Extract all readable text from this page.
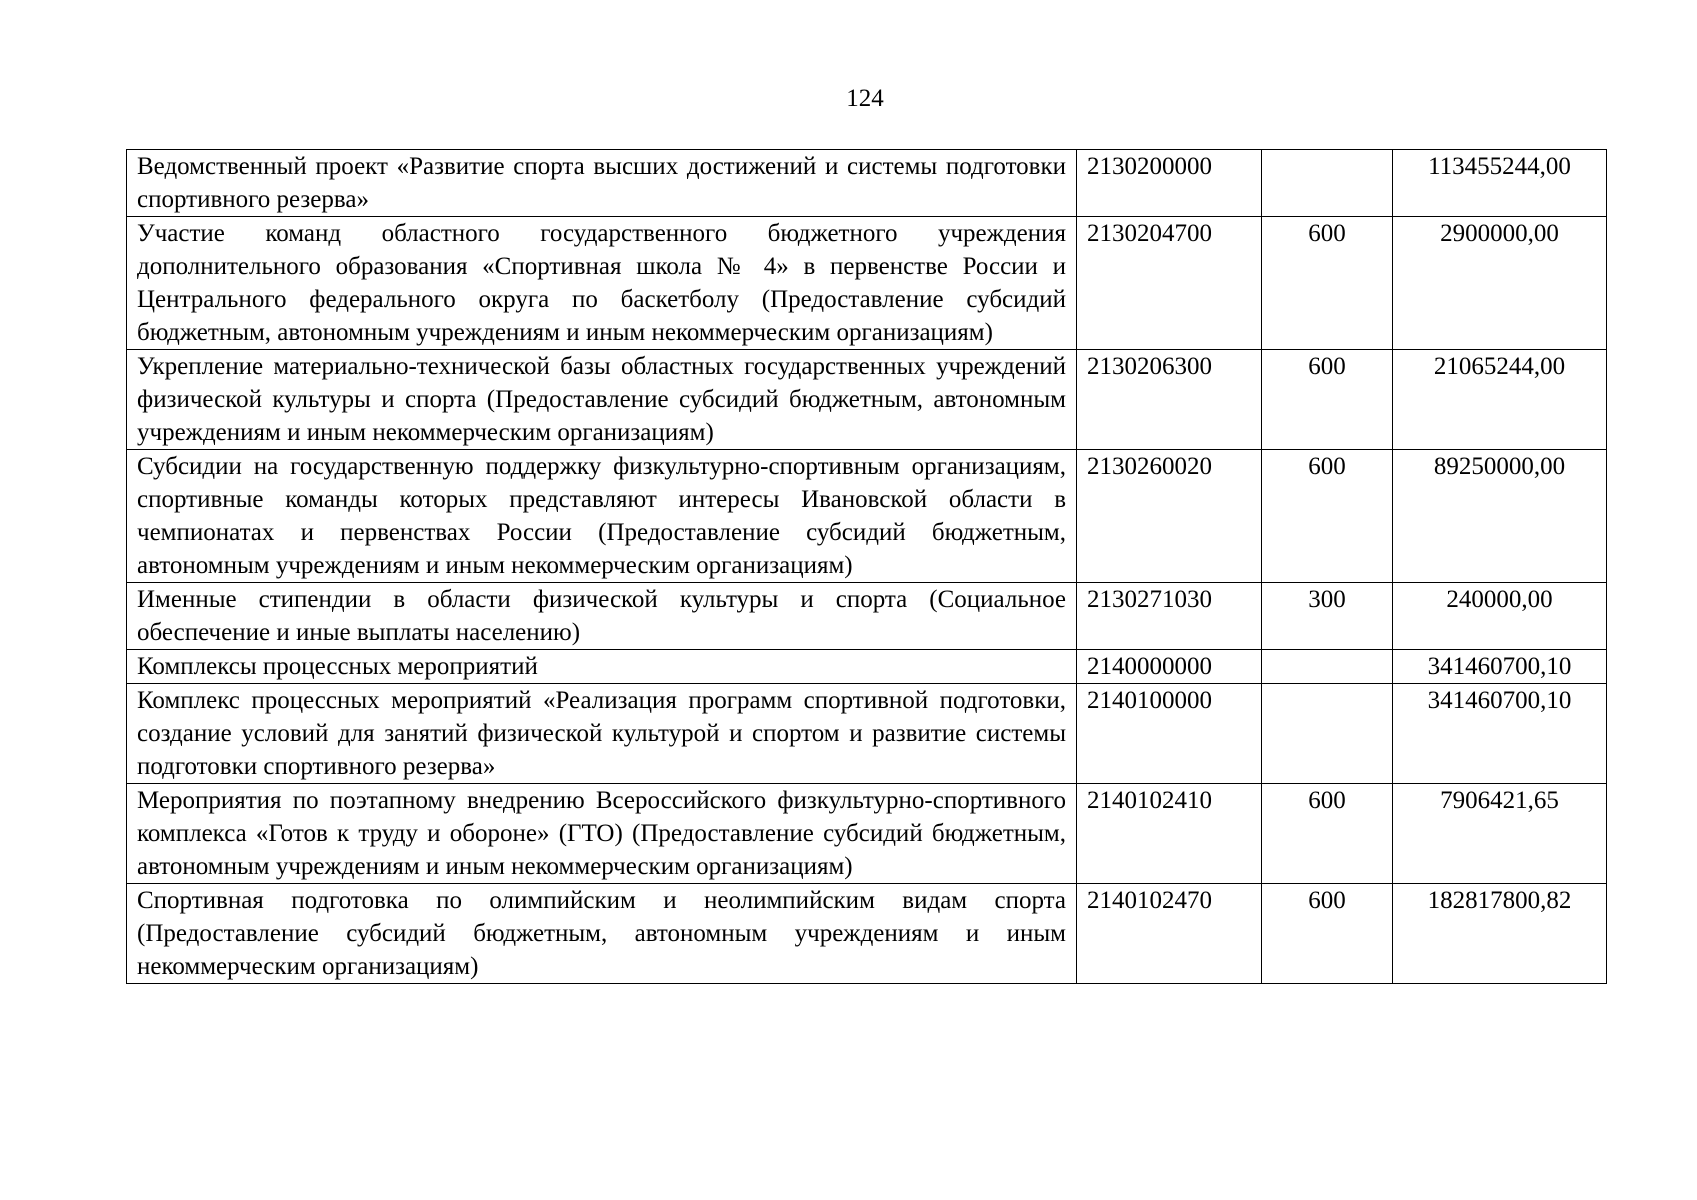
124
Ведомственный проект «Развитие спорта высших достижений и системы подготовки спортивного резерва»	2130200000		113455244,00
Участие команд областного государственного бюджетного учреждения дополнительного образования «Спортивная школа № 4» в первенстве России и Центрального федерального округа по баскетболу (Предоставление субсидий бюджетным, автономным учреждениям и иным некоммерческим организациям)	2130204700	600	2900000,00
Укрепление материально-технической базы областных государственных учреждений физической культуры и спорта (Предоставление субсидий бюджетным, автономным учреждениям и иным некоммерческим организациям)	2130206300	600	21065244,00
Субсидии на государственную поддержку физкультурно-спортивным организациям, спортивные команды которых представляют интересы Ивановской области в чемпионатах и первенствах России (Предоставление субсидий бюджетным, автономным учреждениям и иным некоммерческим организациям)	2130260020	600	89250000,00
Именные стипендии в области физической культуры и спорта (Социальное обеспечение и иные выплаты населению)	2130271030	300	240000,00
Комплексы процессных мероприятий	2140000000		341460700,10
Комплекс процессных мероприятий «Реализация программ спортивной подготовки, создание условий для занятий физической культурой и спортом и развитие системы подготовки спортивного резерва»	2140100000		341460700,10
Мероприятия по поэтапному внедрению Всероссийского физкультурно-спортивного комплекса «Готов к труду и обороне» (ГТО) (Предоставление субсидий бюджетным, автономным учреждениям и иным некоммерческим организациям)	2140102410	600	7906421,65
Спортивная подготовка по олимпийским и неолимпийским видам спорта (Предоставление субсидий бюджетным, автономным учреждениям и иным некоммерческим организациям)	2140102470	600	182817800,82
